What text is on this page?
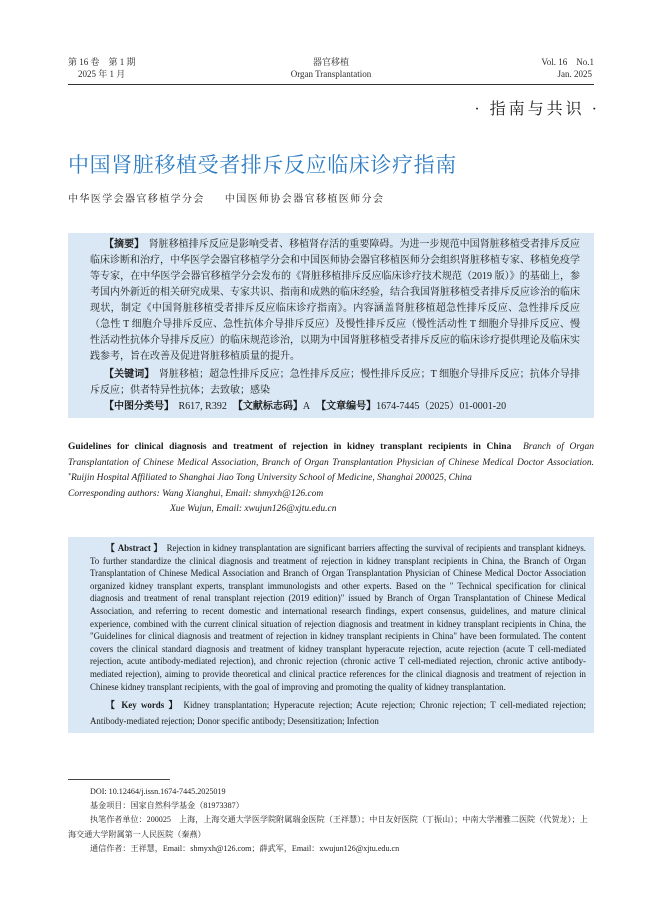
第 16 卷　第 1 期
2025 年 1 月
器官移植
Organ Transplantation
Vol. 16　No.1
Jan. 2025
· 指南与共识 ·
中国肾脏移植受者排斥反应临床诊疗指南
中华医学会器官移植学分会 中国医师协会器官移植医师分会

【摘要】 肾脏移植排斥反应是影响受者、移植肾存活的重要障碍。为进一步规范中国肾脏移植受者排斥反应临床诊断和治疗，中华医学会器官移植学分会和中国医师协会器官移植医师分会组织肾脏移植专家、移植免疫学等专家，在中华医学会器官移植学分会发布的《肾脏移植排斥反应临床诊疗技术规范（2019 版）》的基础上，参考国内外新近的相关研究成果、专家共识、指南和成熟的临床经验，结合我国肾脏移植受者排斥反应诊治的临床现状，制定《中国肾脏移植受者排斥反应临床诊疗指南》。内容涵盖肾脏移植超急性排斥反应、急性排斥反应（急性 T 细胞介导排斥反应、急性抗体介导排斥反应）及慢性排斥反应（慢性活动性 T 细胞介导排斥反应、慢性活动性抗体介导排斥反应）的临床规范诊治，以期为中国肾脏移植受者排斥反应的临床诊疗提供理论及临床实践参考，旨在改善及促进肾脏移植质量的提升。

【关键词】 肾脏移植；超急性排斥反应；急性排斥反应；慢性排斥反应；T 细胞介导排斥反应；抗体介导排斥反应；供者特异性抗体；去致敏；感染

【中图分类号】 R617, R392 【文献标志码】A 【文章编号】1674-7445（2025）01-0001-20

Guidelines for clinical diagnosis and treatment of rejection in kidney transplant recipients in China Branch of Organ Transplantation of Chinese Medical Association, Branch of Organ Transplantation Physician of Chinese Medical Doctor Association. *Ruijin Hospital Affiliated to Shanghai Jiao Tong University School of Medicine, Shanghai 200025, China

Corresponding authors: Wang Xianghui, Email: shmyxh@126.com

Xue Wujun, Email: xwujun126@xjtu.edu.cn

【 Abstract 】 Rejection in kidney transplantation are significant barriers affecting the survival of recipients and transplant kidneys. To further standardize the clinical diagnosis and treatment of rejection in kidney transplant recipients in China, the Branch of Organ Transplantation of Chinese Medical Association and Branch of Organ Transplantation Physician of Chinese Medical Doctor Association organized kidney transplant experts, transplant immunologists and other experts. Based on the " Technical specification for clinical diagnosis and treatment of renal transplant rejection (2019 edition)" issued by Branch of Organ Transplantation of Chinese Medical Association, and referring to recent domestic and international research findings, expert consensus, guidelines, and mature clinical experience, combined with the current clinical situation of rejection diagnosis and treatment in kidney transplant recipients in China, the "Guidelines for clinical diagnosis and treatment of rejection in kidney transplant recipients in China" have been formulated. The content covers the clinical standard diagnosis and treatment of kidney transplant hyperacute rejection, acute rejection (acute T cell-mediated rejection, acute antibody-mediated rejection), and chronic rejection (chronic active T cell-mediated rejection, chronic active antibody-mediated rejection), aiming to provide theoretical and clinical practice references for the clinical diagnosis and treatment of rejection in Chinese kidney transplant recipients, with the goal of improving and promoting the quality of kidney transplantation.

【 Key words 】 Kidney transplantation; Hyperacute rejection; Acute rejection; Chronic rejection; T cell-mediated rejection; Antibody-mediated rejection; Donor specific antibody; Desensitization; Infection

DOI: 10.12464/j.issn.1674-7445.2025019

基金项目：国家自然科学基金（81973387）

执笔作者单位：200025　上海，上海交通大学医学院附属瑞金医院（王祥慧）；中日友好医院（丁振山）；中南大学湘雅二医院（代贺龙）；上海交通大学附属第一人民医院（秦燕）

通信作者：王祥慧，Email：shmyxh@126.com；薛武军，Email：xwujun126@xjtu.edu.cn
